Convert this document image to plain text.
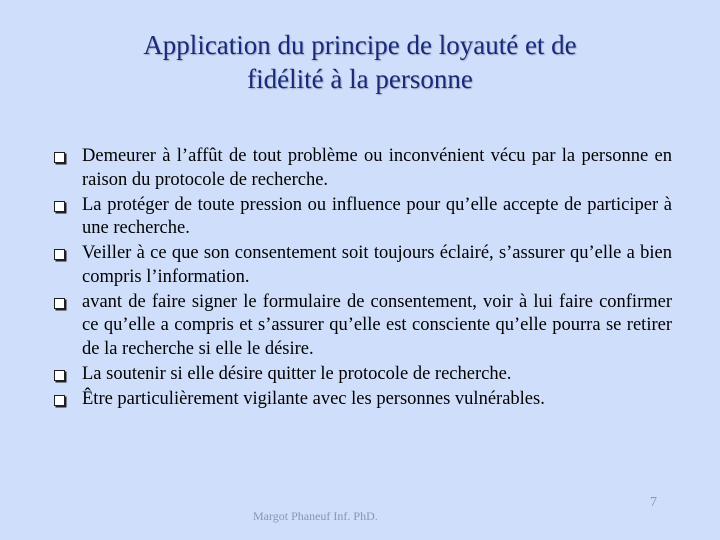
Application du principe de loyauté et de
fidélité à la personne
Demeurer à l’affût de tout problème ou inconvénient vécu par la personne en raison du protocole de recherche.
La protéger de toute pression ou influence pour qu’elle accepte de participer à une recherche.
Veiller à ce que son consentement soit toujours éclairé, s’assurer qu’elle a bien compris l’information.
avant de faire signer le formulaire de consentement, voir à lui faire confirmer ce qu’elle a compris et s’assurer qu’elle est consciente qu’elle pourra se retirer de la recherche si elle le désire.
La soutenir si elle désire quitter le protocole de recherche.
Être particulièrement vigilante avec les personnes vulnérables.
Margot Phaneuf Inf. PhD.
7
